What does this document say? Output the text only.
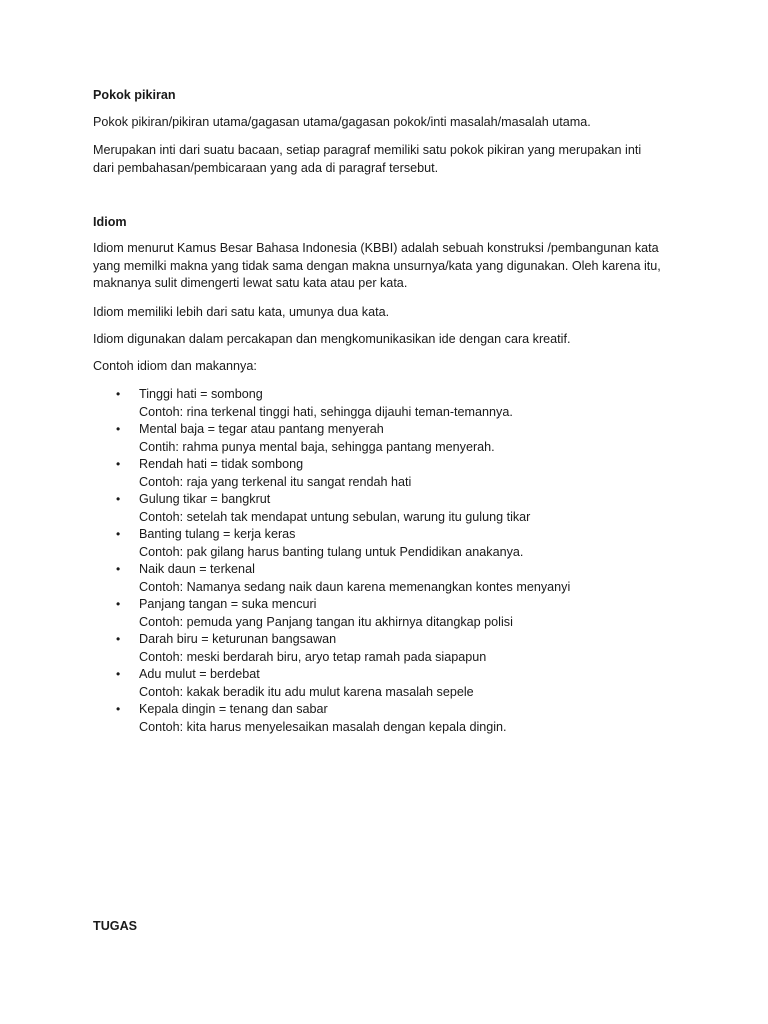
Pokok pikiran

Pokok pikiran/pikiran utama/gagasan utama/gagasan pokok/inti masalah/masalah utama.

Merupakan inti dari suatu bacaan, setiap paragraf memiliki satu pokok pikiran yang merupakan inti
dari pembahasan/pembicaraan yang ada di paragraf tersebut.

Idiom

Idiom menurut Kamus Besar Bahasa Indonesia (KBBI) adalah sebuah konstruksi /pembangunan kata
yang memilki makna yang tidak sama dengan makna unsurnya/kata yang digunakan. Oleh karena itu,
maknanya sulit dimengerti lewat satu kata atau per kata.

Idiom memiliki lebih dari satu kata, umunya dua kata.

Idiom digunakan dalam percakapan dan mengkomunikasikan ide dengan cara kreatif.

Contoh idiom dan makannya:

• Tinggi hati = sombong
Contoh: rina terkenal tinggi hati, sehingga dijauhi teman-temannya.
• Mental baja = tegar atau pantang menyerah
Contih: rahma punya mental baja, sehingga pantang menyerah.
• Rendah hati = tidak sombong
Contoh: raja yang terkenal itu sangat rendah hati
• Gulung tikar = bangkrut
Contoh: setelah tak mendapat untung sebulan, warung itu gulung tikar
• Banting tulang = kerja keras
Contoh: pak gilang harus banting tulang untuk Pendidikan anakanya.
• Naik daun = terkenal
Contoh: Namanya sedang naik daun karena memenangkan kontes menyanyi
• Panjang tangan = suka mencuri
Contoh: pemuda yang Panjang tangan itu akhirnya ditangkap polisi
• Darah biru = keturunan bangsawan
Contoh: meski berdarah biru, aryo tetap ramah pada siapapun
• Adu mulut = berdebat
Contoh: kakak beradik itu adu mulut karena masalah sepele
• Kepala dingin = tenang dan sabar
Contoh: kita harus menyelesaikan masalah dengan kepala dingin.

TUGAS
